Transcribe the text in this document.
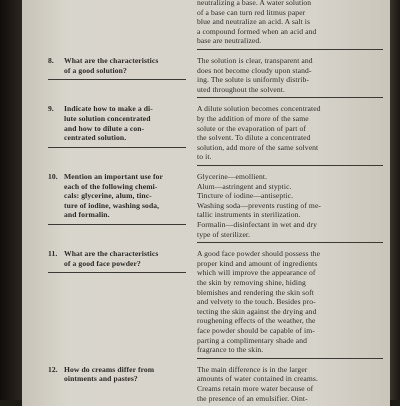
neutralizing a base. A water solution
of a base can turn red litmus paper
blue and neutralize an acid. A salt is
a compound formed when an acid and
base are neutralized.
8. What are the characteristics
of a good solution?
The solution is clear, transparent and
does not become cloudy upon stand-
ing. The solute is uniformly distrib-
uted throughout the solvent.
9. Indicate how to make a di-
lute solution concentrated
and how to dilute a con-
centrated solution.
A dilute solution becomes concentrated
by the addition of more of the same
solute or the evaporation of part of
the solvent. To dilute a concentrated
solution, add more of the same solvent
to it.
10. Mention an important use for
each of the following chemi-
cals: glycerine, alum, tinc-
ture of iodine, washing soda,
and formalin.
Glycerine—emollient.
Alum—astringent and styptic.
Tincture of iodine—antiseptic.
Washing soda—prevents rusting of me-
tallic instruments in sterilization.
Formalin—disinfectant in wet and dry
type of sterilizer.
11. What are the characteristics
of a good face powder?
A good face powder should possess the
proper kind and amount of ingredients
which will improve the appearance of
the skin by removing shine, hiding
blemishes and rendering the skin soft
and velvety to the touch. Besides pro-
tecting the skin against the drying and
roughening effects of the weather, the
face powder should be capable of im-
parting a complimentary shade and
fragrance to the skin.
12. How do creams differ from
ointments and pastes?
The main difference is in the larger
amounts of water contained in creams.
Creams retain more water because of
the presence of an emulsifier. Oint-
